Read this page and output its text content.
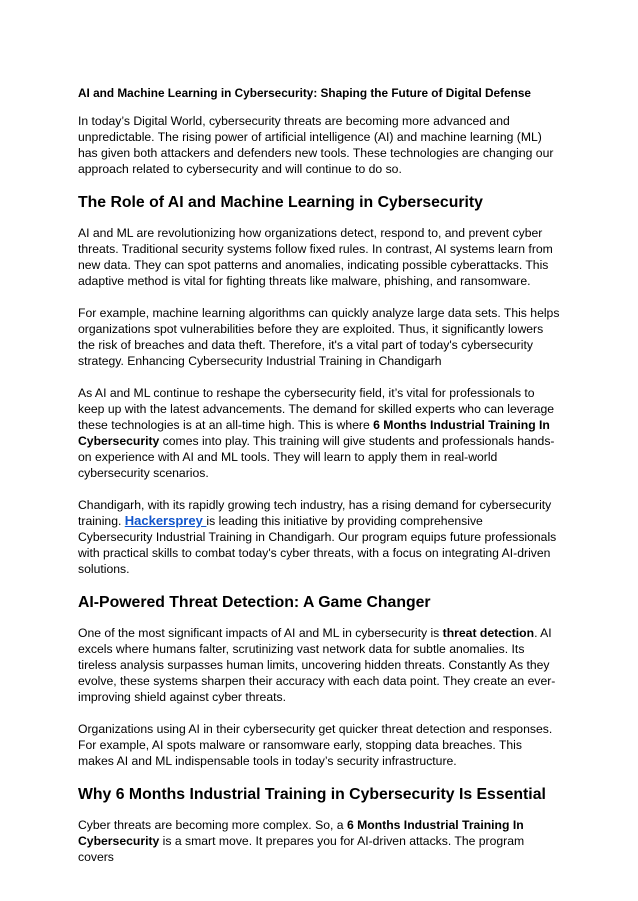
AI and Machine Learning in Cybersecurity: Shaping the Future of Digital Defense

In today’s Digital World, cybersecurity threats are becoming more advanced and unpredictable. The rising power of artificial intelligence (AI) and machine learning (ML) has given both attackers and defenders new tools. These technologies are changing our approach related to cybersecurity and will continue to do so.

The Role of AI and Machine Learning in Cybersecurity

AI and ML are revolutionizing how organizations detect, respond to, and prevent cyber threats. Traditional security systems follow fixed rules. In contrast, AI systems learn from new data. They can spot patterns and anomalies, indicating possible cyberattacks. This adaptive method is vital for fighting threats like malware, phishing, and ransomware.

For example, machine learning algorithms can quickly analyze large data sets. This helps organizations spot vulnerabilities before they are exploited. Thus, it significantly lowers the risk of breaches and data theft. Therefore, it's a vital part of today's cybersecurity strategy. Enhancing Cybersecurity Industrial Training in Chandigarh

As AI and ML continue to reshape the cybersecurity field, it’s vital for professionals to keep up with the latest advancements. The demand for skilled experts who can leverage these technologies is at an all-time high. This is where 6 Months Industrial Training In Cybersecurity comes into play. This training will give students and professionals hands-on experience with AI and ML tools. They will learn to apply them in real-world cybersecurity scenarios.

Chandigarh, with its rapidly growing tech industry, has a rising demand for cybersecurity training. Hackersprey is leading this initiative by providing comprehensive Cybersecurity Industrial Training in Chandigarh. Our program equips future professionals with practical skills to combat today's cyber threats, with a focus on integrating AI-driven solutions.

AI-Powered Threat Detection: A Game Changer

One of the most significant impacts of AI and ML in cybersecurity is threat detection. AI excels where humans falter, scrutinizing vast network data for subtle anomalies. Its tireless analysis surpasses human limits, uncovering hidden threats. Constantly As they evolve, these systems sharpen their accuracy with each data point. They create an ever-improving shield against cyber threats.

Organizations using AI in their cybersecurity get quicker threat detection and responses. For example, AI spots malware or ransomware early, stopping data breaches. This makes AI and ML indispensable tools in today’s security infrastructure.

Why 6 Months Industrial Training in Cybersecurity Is Essential

Cyber threats are becoming more complex. So, a 6 Months Industrial Training In Cybersecurity is a smart move. It prepares you for AI-driven attacks. The program covers
